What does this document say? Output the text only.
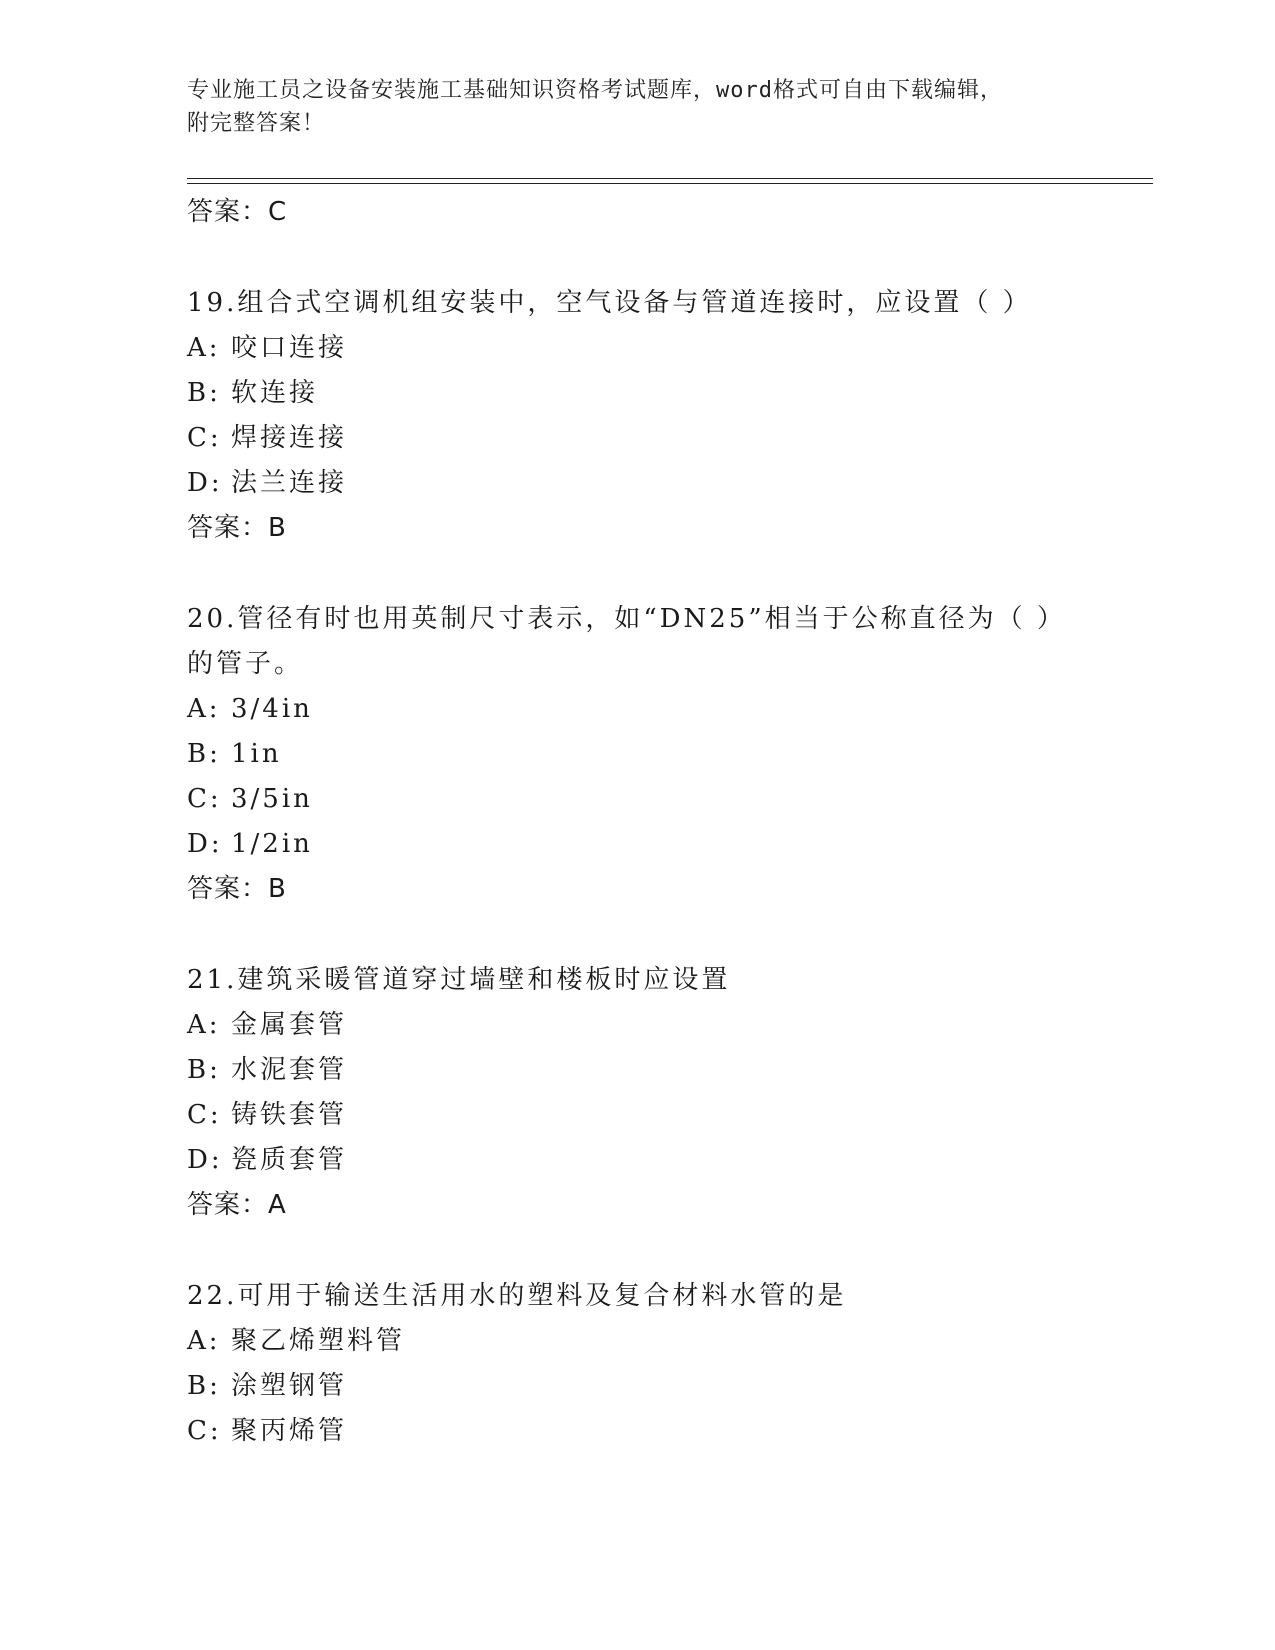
专业施工员之设备安装施工基础知识资格考试题库，word格式可自由下载编辑，
附完整答案！
答案：C
19.组合式空调机组安装中，空气设备与管道连接时，应设置（ ）
A: 咬口连接
B: 软连接
C: 焊接连接
D: 法兰连接
答案：B
20.管径有时也用英制尺寸表示，如“DN25”相当于公称直径为（ ）
的管子。
A: 3/4in
B: 1in
C: 3/5in
D: 1/2in
答案：B
21.建筑采暖管道穿过墙壁和楼板时应设置
A: 金属套管
B: 水泥套管
C: 铸铁套管
D: 瓷质套管
答案：A
22.可用于输送生活用水的塑料及复合材料水管的是
A: 聚乙烯塑料管
B: 涂塑钢管
C: 聚丙烯管
